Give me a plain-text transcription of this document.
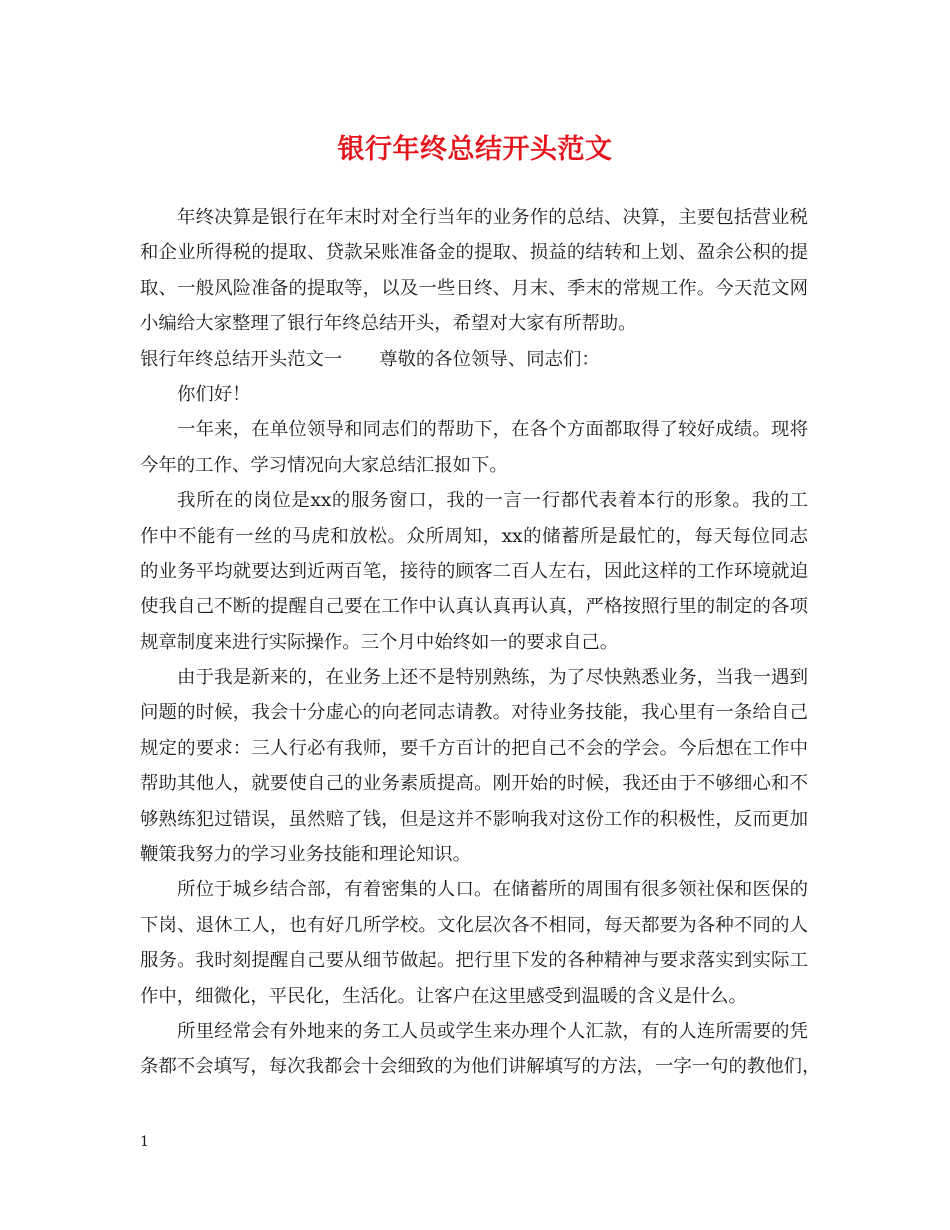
银行年终总结开头范文
年终决算是银行在年末时对全行当年的业务作的总结、决算，主要包括营业税
和企业所得税的提取、贷款呆账准备金的提取、损益的结转和上划、盈余公积的提
取、一般风险准备的提取等，以及一些日终、月末、季末的常规工作。今天范文网
小编给大家整理了银行年终总结开头，希望对大家有所帮助。
银行年终总结开头范文一　　尊敬的各位领导、同志们：
你们好！
一年来，在单位领导和同志们的帮助下，在各个方面都取得了较好成绩。现将
今年的工作、学习情况向大家总结汇报如下。
我所在的岗位是xx的服务窗口，我的一言一行都代表着本行的形象。我的工
作中不能有一丝的马虎和放松。众所周知，xx的储蓄所是最忙的，每天每位同志
的业务平均就要达到近两百笔，接待的顾客二百人左右，因此这样的工作环境就迫
使我自己不断的提醒自己要在工作中认真认真再认真，严格按照行里的制定的各项
规章制度来进行实际操作。三个月中始终如一的要求自己。
由于我是新来的，在业务上还不是特别熟练，为了尽快熟悉业务，当我一遇到
问题的时候，我会十分虚心的向老同志请教。对待业务技能，我心里有一条给自己
规定的要求：三人行必有我师，要千方百计的把自己不会的学会。今后想在工作中
帮助其他人，就要使自己的业务素质提高。刚开始的时候，我还由于不够细心和不
够熟练犯过错误，虽然赔了钱，但是这并不影响我对这份工作的积极性，反而更加
鞭策我努力的学习业务技能和理论知识。
所位于城乡结合部，有着密集的人口。在储蓄所的周围有很多领社保和医保的
下岗、退休工人，也有好几所学校。文化层次各不相同，每天都要为各种不同的人
服务。我时刻提醒自己要从细节做起。把行里下发的各种精神与要求落实到实际工
作中，细微化，平民化，生活化。让客户在这里感受到温暖的含义是什么。
所里经常会有外地来的务工人员或学生来办理个人汇款，有的人连所需要的凭
条都不会填写，每次我都会十会细致的为他们讲解填写的方法，一字一句的教他们，
1
